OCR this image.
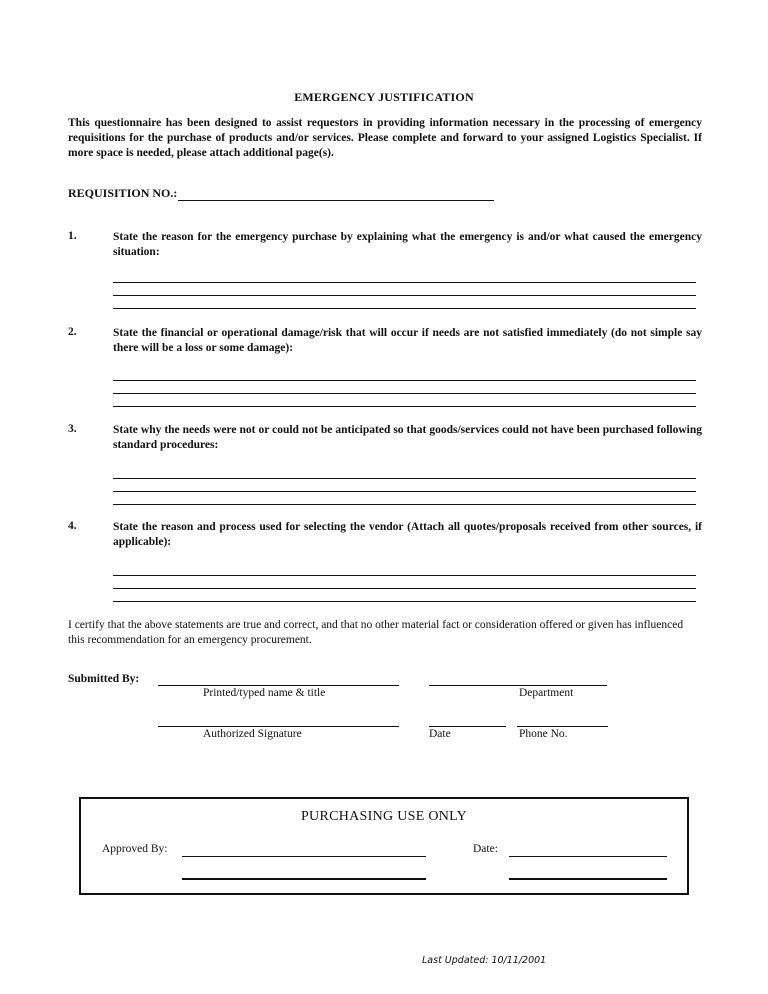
EMERGENCY JUSTIFICATION
This questionnaire has been designed to assist requestors in providing information necessary in the processing of emergency requisitions for the purchase of products and/or services. Please complete and forward to your assigned Logistics Specialist. If more space is needed, please attach additional page(s).
REQUISITION NO.:
1.	State the reason for the emergency purchase by explaining what the emergency is and/or what caused the emergency situation:
2.	State the financial or operational damage/risk that will occur if needs are not satisfied immediately (do not simple say there will be a loss or some damage):
3.	State why the needs were not or could not be anticipated so that goods/services could not have been purchased following standard procedures:
4.	State the reason and process used for selecting the vendor (Attach all quotes/proposals received from other sources, if applicable):
I certify that the above statements are true and correct, and that no other material fact or consideration offered or given has influenced this recommendation for an emergency procurement.
Submitted By:
Printed/typed name & title	Department
Authorized Signature	Date	Phone No.
PURCHASING USE ONLY
Approved By:	Date:
Last Updated: 10/11/2001
